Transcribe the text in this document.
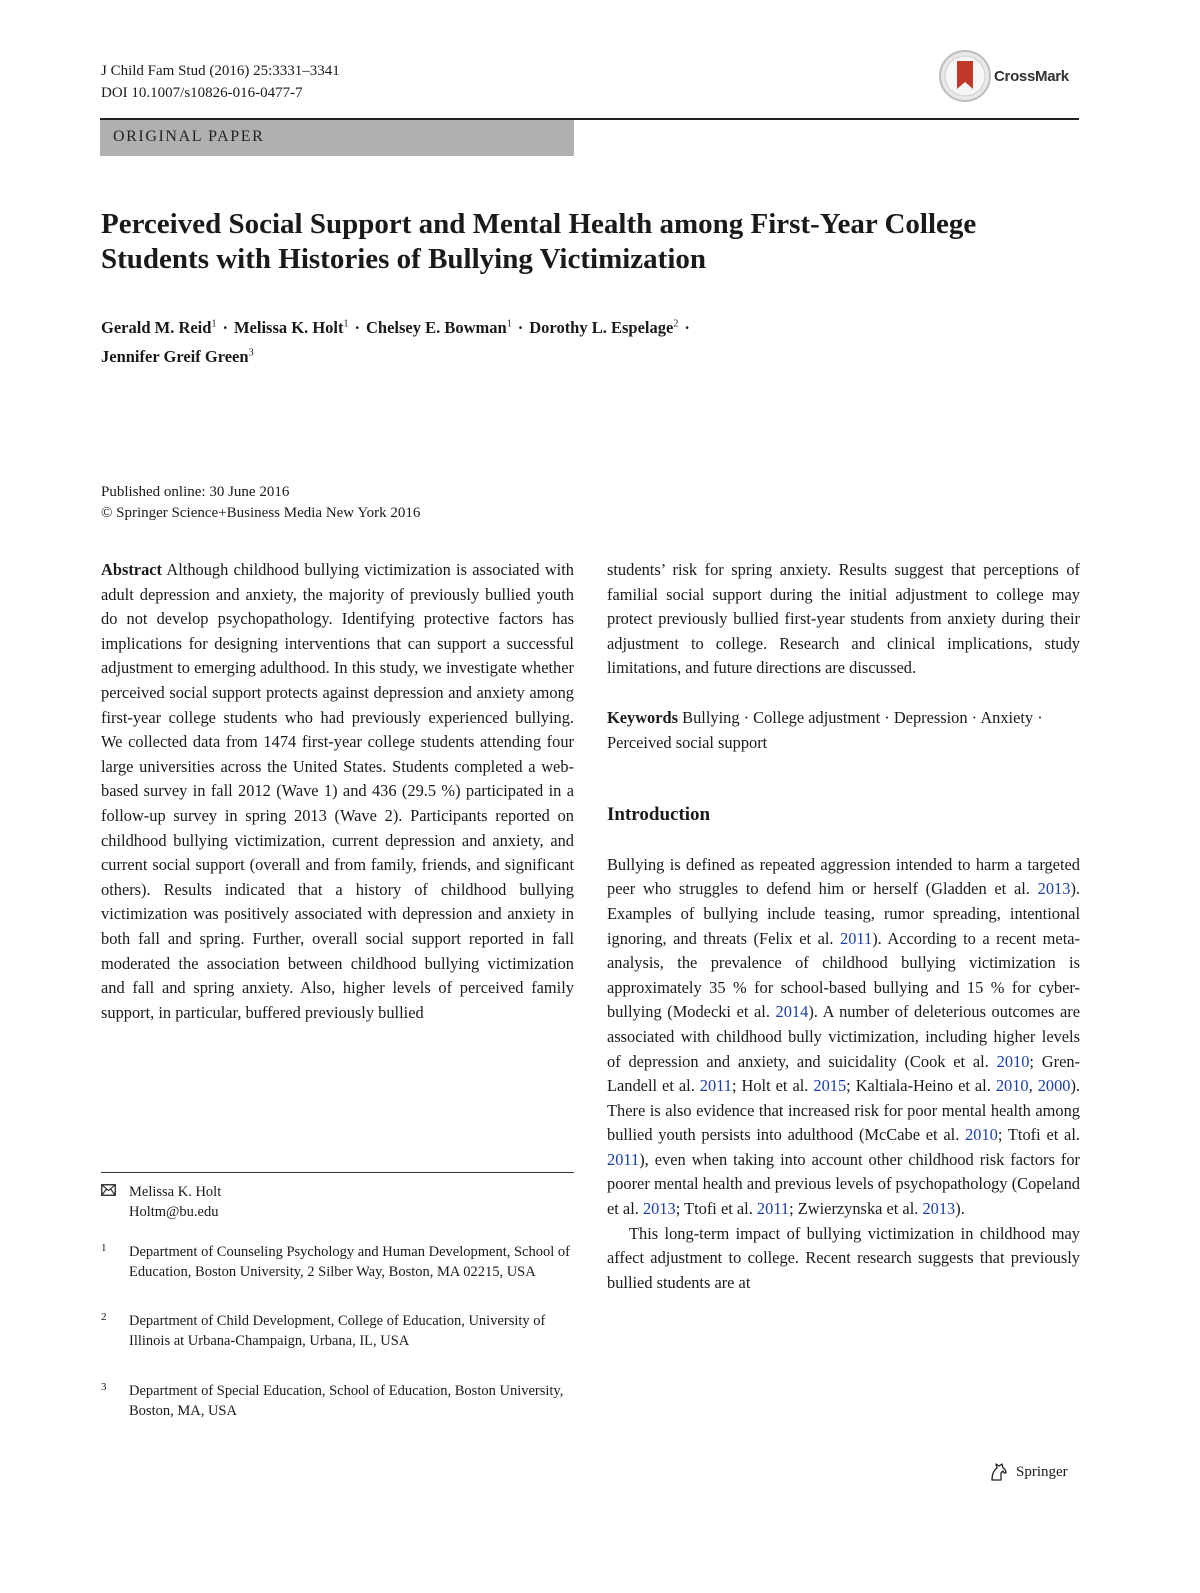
J Child Fam Stud (2016) 25:3331–3341
DOI 10.1007/s10826-016-0477-7
CrossMark
ORIGINAL PAPER
Perceived Social Support and Mental Health among First-Year College Students with Histories of Bullying Victimization
Gerald M. Reid$^1$ · Melissa K. Holt$^1$ · Chelsey E. Bowman$^1$ · Dorothy L. Espelage$^2$ ·
Jennifer Greif Green$^3$
Published online: 30 June 2016
© Springer Science+Business Media New York 2016

Abstract Although childhood bullying victimization is associated with adult depression and anxiety, the majority of previously bullied youth do not develop psychopathology. Identifying protective factors has implications for designing interventions that can support a successful adjustment to emerging adulthood. In this study, we investigate whether perceived social support protects against depression and anxiety among first-year college students who had previously experienced bullying. We collected data from 1474 first-year college students attending four large universities across the United States. Students completed a web-based survey in fall 2012 (Wave 1) and 436 (29.5 %) participated in a follow-up survey in spring 2013 (Wave 2). Participants reported on childhood bullying victimization, current depression and anxiety, and current social support (overall and from family, friends, and significant others). Results indicated that a history of childhood bullying victimization was positively associated with depression and anxiety in both fall and spring. Further, overall social support reported in fall moderated the association between childhood bullying victimization and fall and spring anxiety. Also, higher levels of perceived family support, in particular, buffered previously bullied

students’ risk for spring anxiety. Results suggest that perceptions of familial social support during the initial adjustment to college may protect previously bullied first-year students from anxiety during their adjustment to college. Research and clinical implications, study limitations, and future directions are discussed.

Keywords Bullying · College adjustment · Depression · Anxiety · Perceived social support

Introduction

Bullying is defined as repeated aggression intended to harm a targeted peer who struggles to defend him or herself (Gladden et al. 2013). Examples of bullying include teasing, rumor spreading, intentional ignoring, and threats (Felix et al. 2011). According to a recent meta-analysis, the prevalence of childhood bullying victimization is approximately 35 % for school-based bullying and 15 % for cyber-bullying (Modecki et al. 2014). A number of deleterious outcomes are associated with childhood bully victimization, including higher levels of depression and anxiety, and suicidality (Cook et al. 2010; Gren-Landell et al. 2011; Holt et al. 2015; Kaltiala-Heino et al. 2010, 2000). There is also evidence that increased risk for poor mental health among bullied youth persists into adulthood (McCabe et al. 2010; Ttofi et al. 2011), even when taking into account other childhood risk factors for poorer mental health and previous levels of psychopathology (Copeland et al. 2013; Ttofi et al. 2011; Zwierzynska et al. 2013).

This long-term impact of bullying victimization in childhood may affect adjustment to college. Recent research suggests that previously bullied students are at

Melissa K. Holt
Holtm@bu.edu
1 Department of Counseling Psychology and Human Development, School of Education, Boston University, 2 Silber Way, Boston, MA 02215, USA
2 Department of Child Development, College of Education, University of Illinois at Urbana-Champaign, Urbana, IL, USA
3 Department of Special Education, School of Education, Boston University, Boston, MA, USA
Springer
